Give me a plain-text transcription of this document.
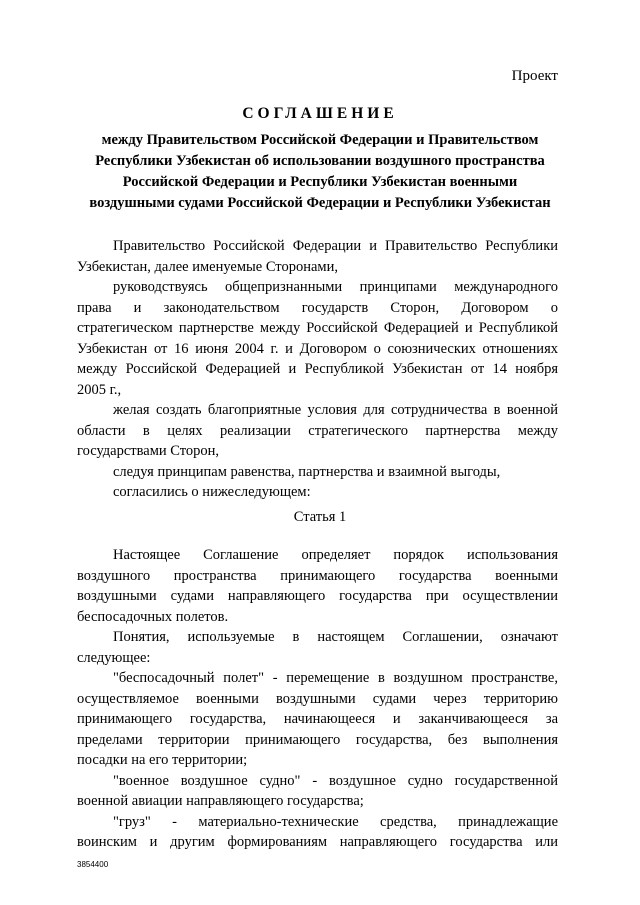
Проект
СОГЛАШЕНИЕ
между Правительством Российской Федерации и Правительством
Республики Узбекистан об использовании воздушного пространства
Российской Федерации и Республики Узбекистан военными
воздушными судами Российской Федерации и Республики Узбекистан
Правительство Российской Федерации и Правительство Республики
Узбекистан, далее именуемые Сторонами,
руководствуясь общепризнанными принципами международного
права и законодательством государств Сторон, Договором о
стратегическом партнерстве между Российской Федерацией и Республикой
Узбекистан от 16 июня 2004 г. и Договором о союзнических отношениях
между Российской Федерацией и Республикой Узбекистан от 14 ноября
2005 г.,
желая создать благоприятные условия для сотрудничества в военной
области в целях реализации стратегического партнерства между
государствами Сторон,
следуя принципам равенства, партнерства и взаимной выгоды,
согласились о нижеследующем:
Статья 1
Настоящее Соглашение определяет порядок использования
воздушного пространства принимающего государства военными
воздушными судами направляющего государства при осуществлении
беспосадочных полетов.
Понятия, используемые в настоящем Соглашении, означают
следующее:
"беспосадочный полет" - перемещение в воздушном пространстве,
осуществляемое военными воздушными судами через территорию
принимающего государства, начинающееся и заканчивающееся за
пределами территории принимающего государства, без выполнения
посадки на его территории;
"военное воздушное судно" - воздушное судно государственной
военной авиации направляющего государства;
"груз" - материально-технические средства, принадлежащие
воинским и другим формированиям направляющего государства или
3854400
